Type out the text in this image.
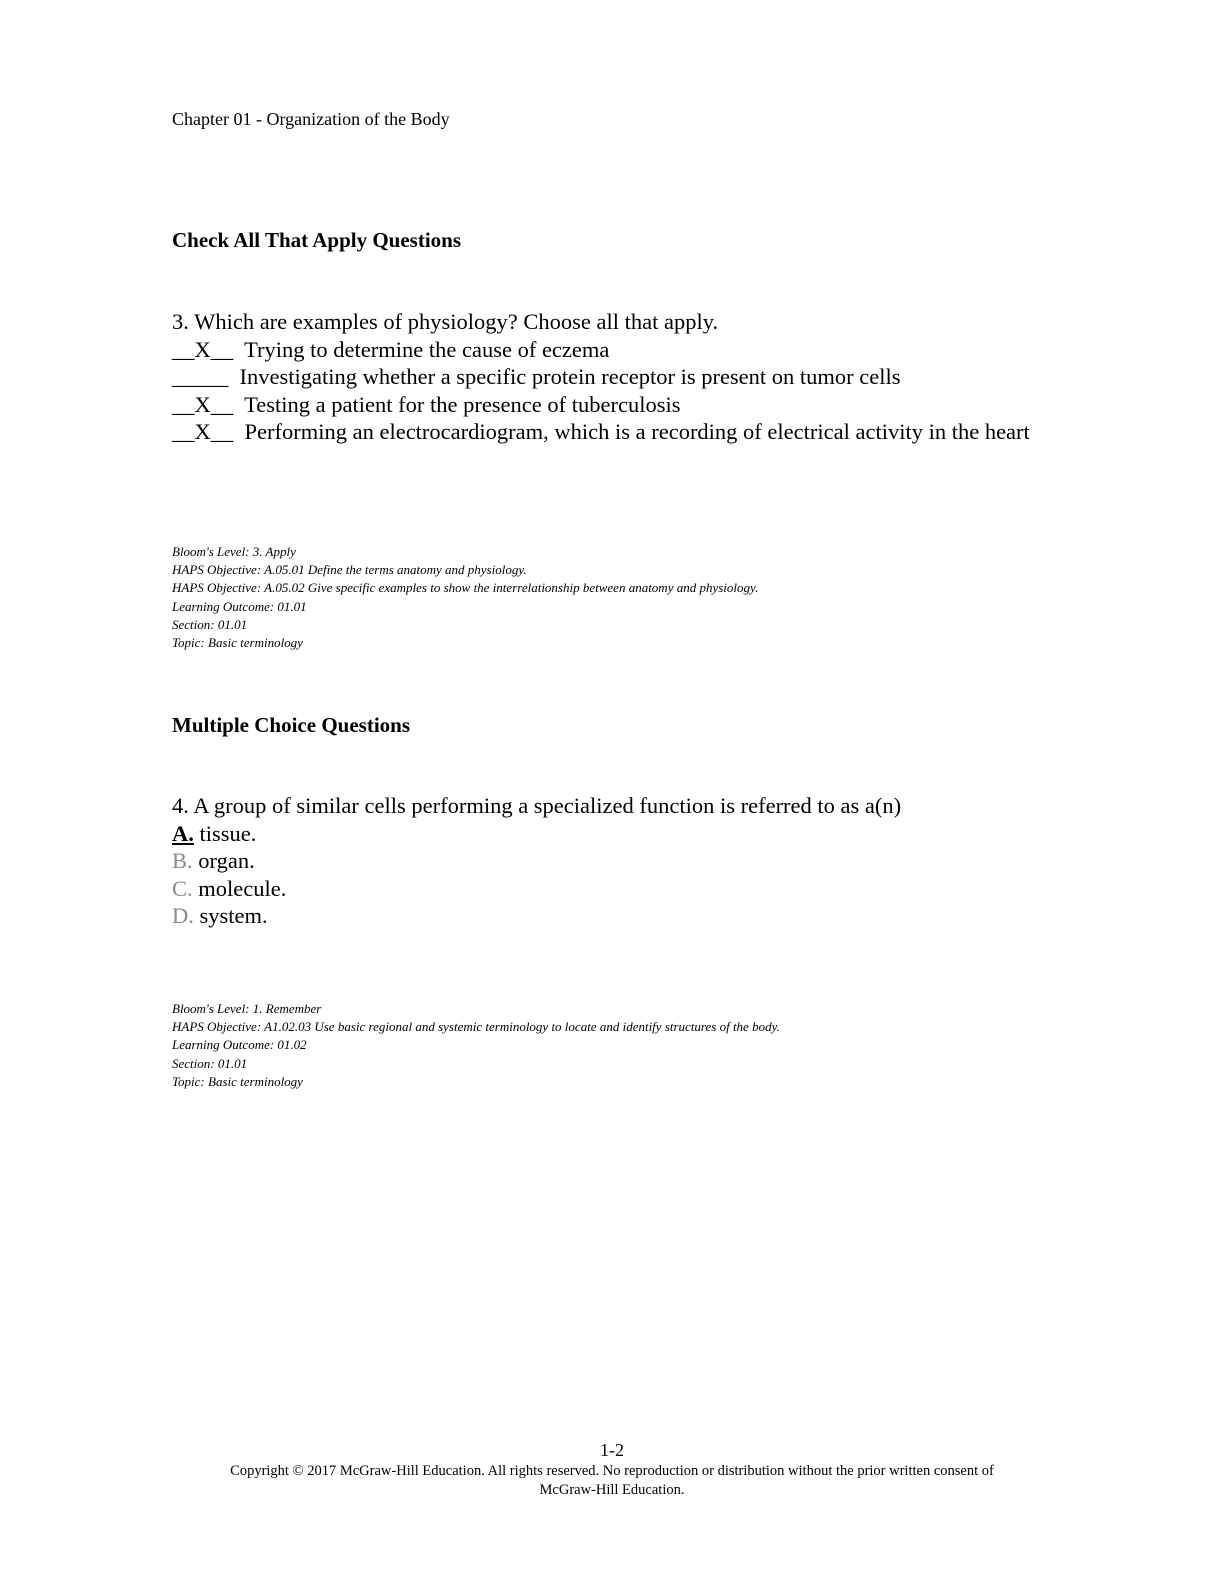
Chapter 01 - Organization of the Body
Check All That Apply Questions
3. Which are examples of physiology? Choose all that apply.
__X__ Trying to determine the cause of eczema
_____ Investigating whether a specific protein receptor is present on tumor cells
__X__ Testing a patient for the presence of tuberculosis
__X__ Performing an electrocardiogram, which is a recording of electrical activity in the heart
Bloom's Level: 3. Apply
HAPS Objective: A.05.01 Define the terms anatomy and physiology.
HAPS Objective: A.05.02 Give specific examples to show the interrelationship between anatomy and physiology.
Learning Outcome: 01.01
Section: 01.01
Topic: Basic terminology
Multiple Choice Questions
4. A group of similar cells performing a specialized function is referred to as a(n)
A. tissue.
B. organ.
C. molecule.
D. system.
Bloom's Level: 1. Remember
HAPS Objective: A1.02.03 Use basic regional and systemic terminology to locate and identify structures of the body.
Learning Outcome: 01.02
Section: 01.01
Topic: Basic terminology
1-2
Copyright © 2017 McGraw-Hill Education. All rights reserved. No reproduction or distribution without the prior written consent of
McGraw-Hill Education.
